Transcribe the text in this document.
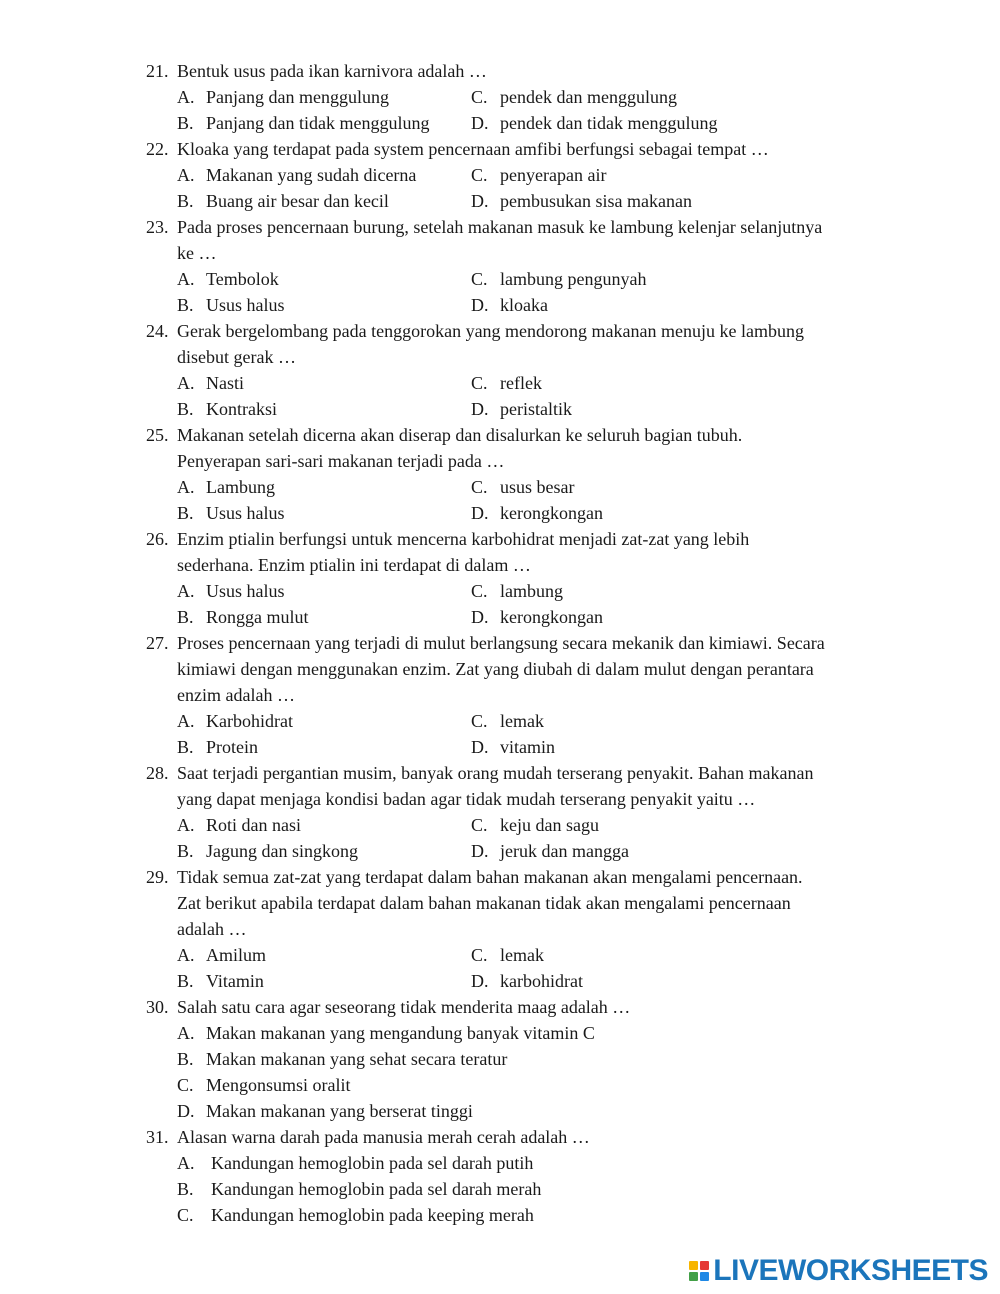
21. Bentuk usus pada ikan karnivora adalah …
A. Panjang dan menggulung	C. pendek dan menggulung
B. Panjang dan tidak menggulung D. pendek dan tidak menggulung
22. Kloaka yang terdapat pada system pencernaan amfibi berfungsi sebagai tempat …
A. Makanan yang sudah dicerna	C. penyerapan air
B. Buang air besar dan kecil	D. pembusukan sisa makanan
23. Pada proses pencernaan burung, setelah makanan masuk ke lambung kelenjar selanjutnya
ke …
A. Tembolok	C. lambung pengunyah
B. Usus halus	D. kloaka
24. Gerak bergelombang pada tenggorokan yang mendorong makanan menuju ke lambung
disebut gerak …
A. Nasti	C. reflek
B. Kontraksi	D. peristaltik
25. Makanan setelah dicerna akan diserap dan disalurkan ke seluruh bagian tubuh.
Penyerapan sari-sari makanan terjadi pada …
A. Lambung	C. usus besar
B. Usus halus	D. kerongkongan
26. Enzim ptialin berfungsi untuk mencerna karbohidrat menjadi zat-zat yang lebih
sederhana. Enzim ptialin ini terdapat di dalam …
A. Usus halus	C. lambung
B. Rongga mulut	D. kerongkongan
27. Proses pencernaan yang terjadi di mulut berlangsung secara mekanik dan kimiawi. Secara
kimiawi dengan menggunakan enzim. Zat yang diubah di dalam mulut dengan perantara
enzim adalah …
A. Karbohidrat	C. lemak
B. Protein	D. vitamin
28. Saat terjadi pergantian musim, banyak orang mudah terserang penyakit. Bahan makanan
yang dapat menjaga kondisi badan agar tidak mudah terserang penyakit yaitu …
A. Roti dan nasi	C. keju dan sagu
B. Jagung dan singkong	D. jeruk dan mangga
29. Tidak semua zat-zat yang terdapat dalam bahan makanan akan mengalami pencernaan.
Zat berikut apabila terdapat dalam bahan makanan tidak akan mengalami pencernaan
adalah …
A. Amilum	C. lemak
B. Vitamin	D. karbohidrat
30. Salah satu cara agar seseorang tidak menderita maag adalah …
A. Makan makanan yang mengandung banyak vitamin C
B. Makan makanan yang sehat secara teratur
C. Mengonsumsi oralit
D. Makan makanan yang berserat tinggi
31. Alasan warna darah pada manusia merah cerah adalah …
A. Kandungan hemoglobin pada sel darah putih
B. Kandungan hemoglobin pada sel darah merah
C. Kandungan hemoglobin pada keeping merah
LIVEWORKSHEETS
